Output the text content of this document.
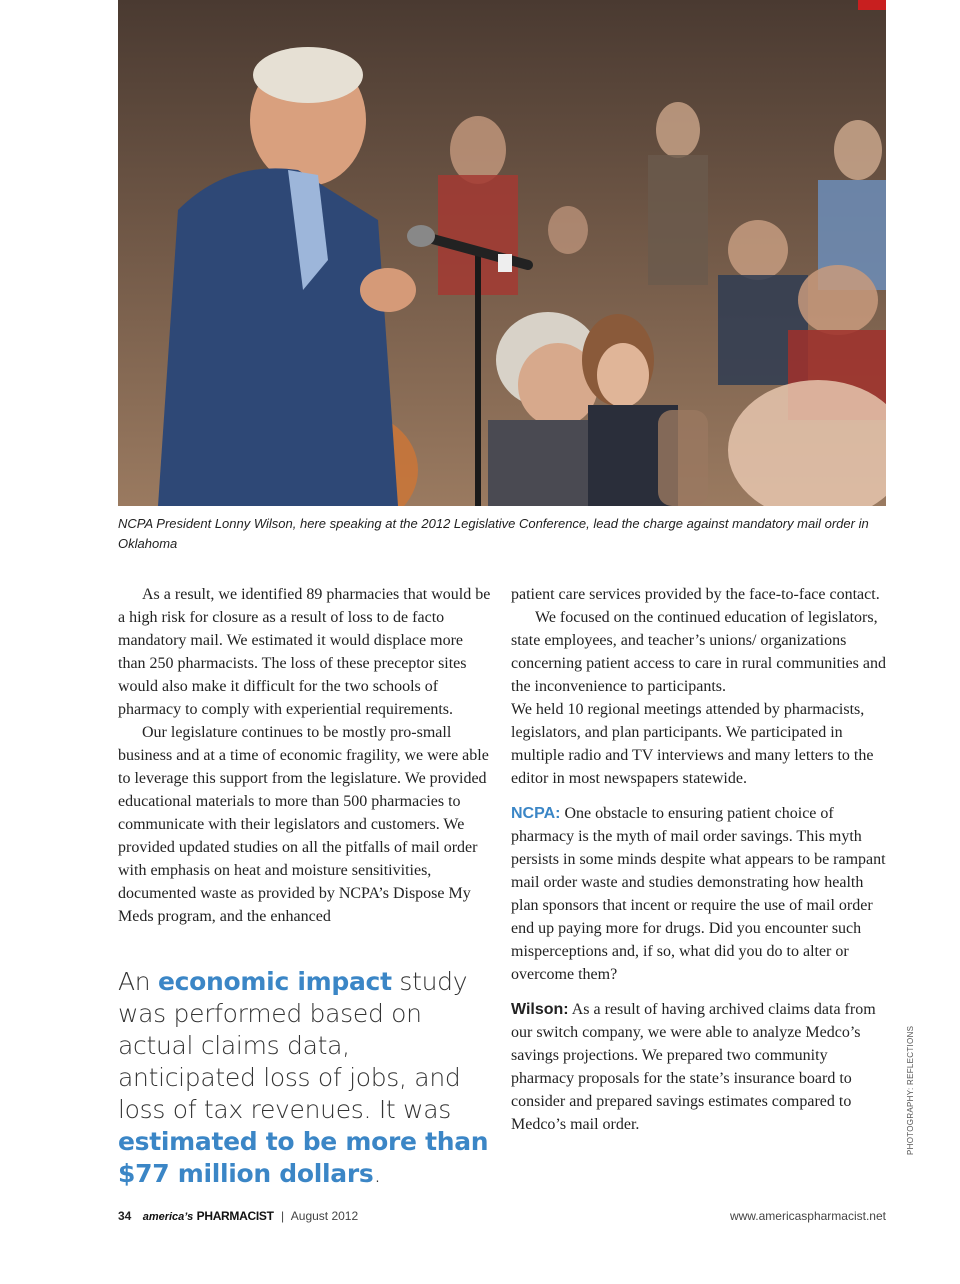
NCPA President Lonny Wilson, here speaking at the 2012 Legislative Conference, lead the charge against mandatory mail order in Oklahoma

As a result, we identified 89 pharmacies that would be a high risk for closure as a result of loss to de facto mandatory mail. We estimated it would displace more than 250 pharmacists. The loss of these preceptor sites would also make it difficult for the two schools of pharmacy to comply with experiential requirements.

Our legislature continues to be mostly pro-small business and at a time of economic fragility, we were able to leverage this support from the legislature. We provided educational materials to more than 500 pharmacies to communicate with their legislators and customers. We provided updated studies on all the pitfalls of mail order with emphasis on heat and moisture sensitivities, documented waste as provided by NCPA’s Dispose My Meds program, and the enhanced

An economic impact study was performed based on actual claims data, anticipated loss of jobs, and loss of tax revenues. It was estimated to be more than $77 million dollars.

patient care services provided by the face-to-face contact.

We focused on the continued education of legislators, state employees, and teacher’s unions/ organizations concerning patient access to care in rural communities and the inconvenience to participants.

We held 10 regional meetings attended by pharmacists, legislators, and plan participants. We participated in multiple radio and TV interviews and many letters to the editor in most newspapers statewide.

NCPA: One obstacle to ensuring patient choice of pharmacy is the myth of mail order savings. This myth persists in some minds despite what appears to be rampant mail order waste and studies demonstrating how health plan sponsors that incent or require the use of mail order end up paying more for drugs. Did you encounter such misperceptions and, if so, what did you do to alter or overcome them?

Wilson: As a result of having archived claims data from our switch company, we were able to analyze Medco’s savings projections. We prepared two community pharmacy proposals for the state’s insurance board to consider and prepared savings estimates compared to Medco’s mail order.	PHOTOGRAPHY: REFLECTIONS
34 america’s PHARMACIST | August 2012	www.americaspharmacist.net
